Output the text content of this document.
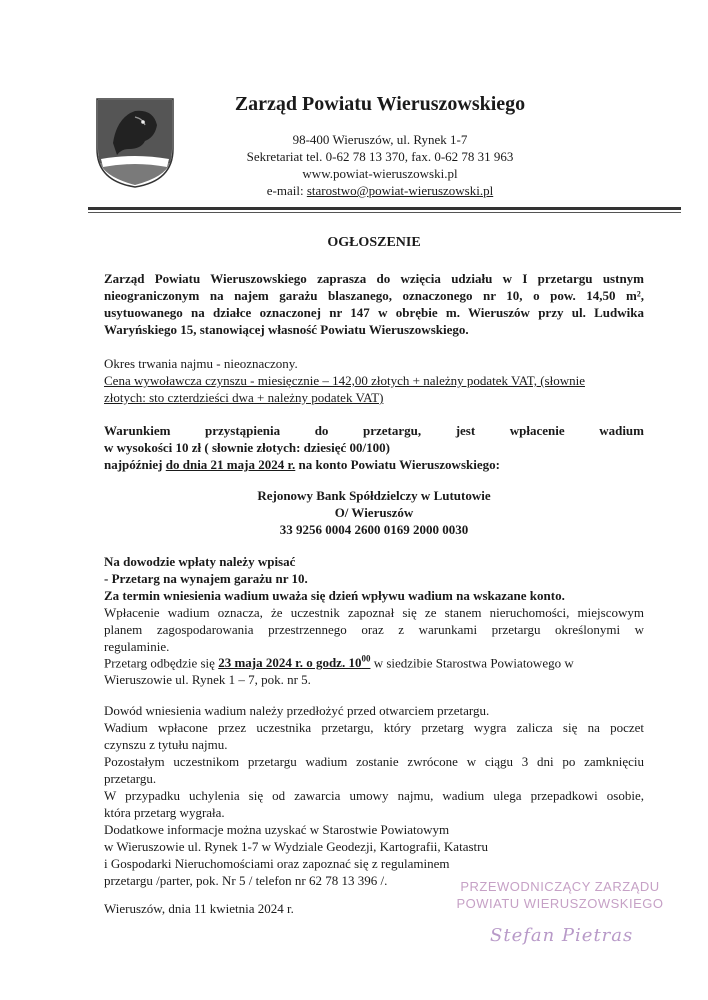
Zarząd Powiatu Wieruszowskiego
98-400 Wieruszów, ul. Rynek 1-7
Sekretariat tel. 0-62 78 13 370, fax. 0-62 78 31 963
www.powiat-wieruszowski.pl
e-mail: starostwo@powiat-wieruszowski.pl
OGŁOSZENIE
Zarząd Powiatu Wieruszowskiego zaprasza do wzięcia udziału w I przetargu ustnym
nieograniczonym na najem garażu blaszanego, oznaczonego nr 10, o pow. 14,50 m²,
usytuowanego na działce oznaczonej nr 147 w obrębie m. Wieruszów przy ul. Ludwika
Waryńskiego 15, stanowiącej własność Powiatu Wieruszowskiego.
Okres trwania najmu - nieoznaczony.
Cena wywoławcza czynszu - miesięcznie – 142,00 złotych + należny podatek VAT, (słownie
złotych: sto czterdzieści dwa + należny podatek VAT)
Warunkiem przystąpienia do przetargu, jest wpłacenie wadium
w wysokości 10 zł ( słownie złotych: dziesięć 00/100)
najpóźniej do dnia 21 maja 2024 r. na konto Powiatu Wieruszowskiego:
Rejonowy Bank Spółdzielczy w Lututowie
O/ Wieruszów
33 9256 0004 2600 0169 2000 0030
Na dowodzie wpłaty należy wpisać
- Przetarg na wynajem garażu nr 10.
Za termin wniesienia wadium uważa się dzień wpływu wadium na wskazane konto.
Wpłacenie wadium oznacza, że uczestnik zapoznał się ze stanem nieruchomości, miejscowym
planem zagospodarowania przestrzennego oraz z warunkami przetargu określonymi w
regulaminie.
Przetarg odbędzie się 23 maja 2024 r. o godz. $10^{00}$ w siedzibie Starostwa Powiatowego w
Wieruszowie ul. Rynek 1 – 7, pok. nr 5.
Dowód wniesienia wadium należy przedłożyć przed otwarciem przetargu.
Wadium wpłacone przez uczestnika przetargu, który przetarg wygra zalicza się na poczet
czynszu z tytułu najmu.
Pozostałym uczestnikom przetargu wadium zostanie zwrócone w ciągu 3 dni po zamknięciu
przetargu.
W przypadku uchylenia się od zawarcia umowy najmu, wadium ulega przepadkowi osobie,
która przetarg wygrała.
Dodatkowe informacje można uzyskać w Starostwie Powiatowym
w Wieruszowie ul. Rynek 1-7 w Wydziale Geodezji, Kartografii, Katastru
i Gospodarki Nieruchomościami oraz zapoznać się z regulaminem
przetargu /parter, pok. Nr 5 / telefon nr 62 78 13 396 /.
Wieruszów, dnia 11 kwietnia 2024 r.
PRZEWODNICZĄCY ZARZĄDU
POWIATU WIERUSZOWSKIEGO
Stefan Pietras
